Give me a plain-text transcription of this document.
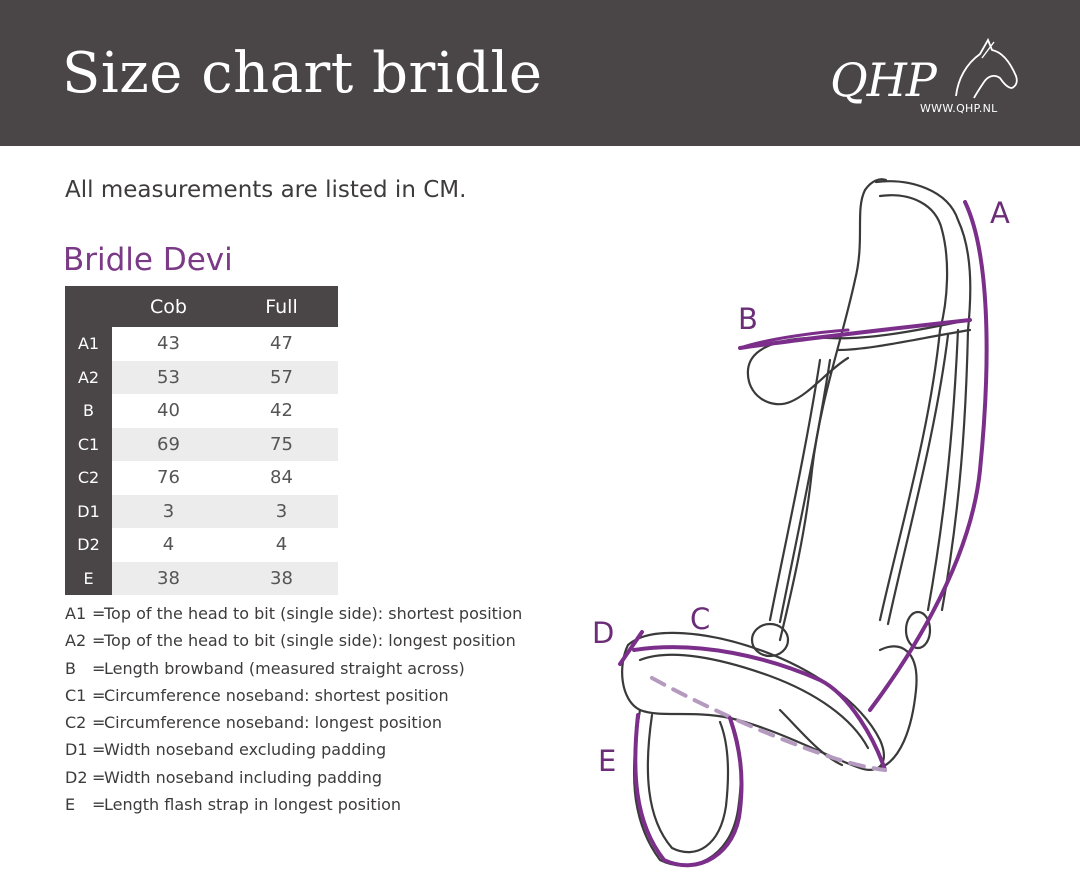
Size chart bridle	QHP
WWW.QHP.NL
All measurements are listed in CM.
Bridle Devi
	Cob	Full
A1	43	47
A2	53	57
B	40	42
C1	69	75
C2	76	84
D1	3	3
D2	4	4
E	38	38
A1 =Top of the head to bit (single side): shortest position
A2 =Top of the head to bit (single side): longest position
B =Length browband (measured straight across)
C1 =Circumference noseband: shortest position
C2 =Circumference noseband: longest position
D1 =Width noseband excluding padding
D2 =Width noseband including padding
E =Length flash strap in longest position
A
B
C
D
E
